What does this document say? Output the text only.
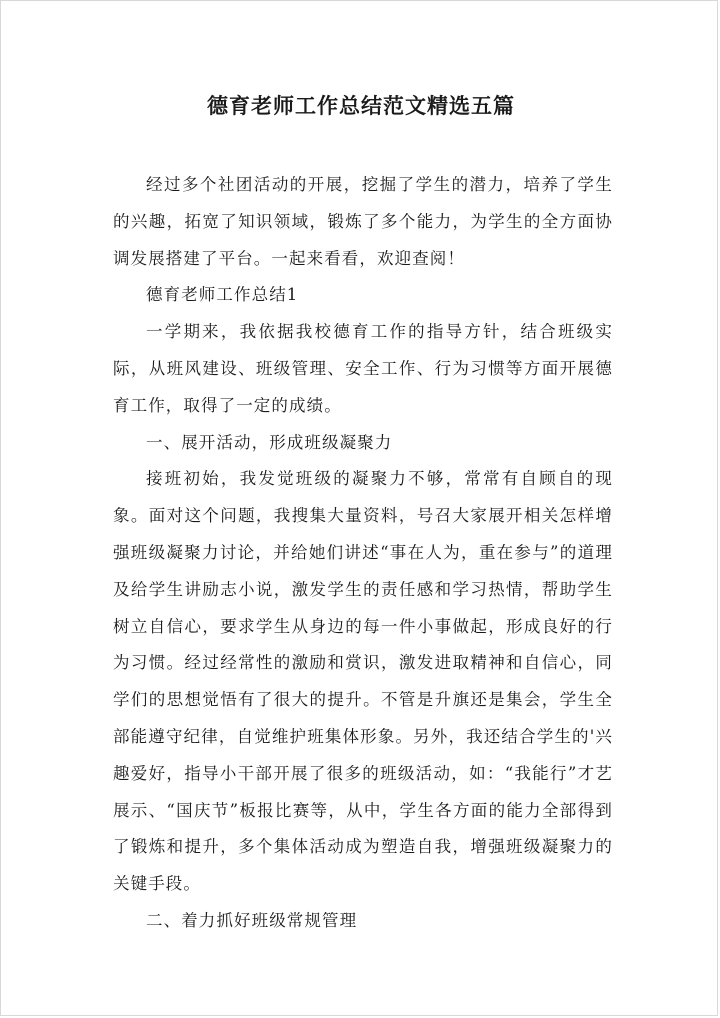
德育老师工作总结范文精选五篇

经过多个社团活动的开展，挖掘了学生的潜力，培养了学生的兴趣，拓宽了知识领域，锻炼了多个能力，为学生的全方面协调发展搭建了平台。一起来看看，欢迎查阅！

德育老师工作总结1

一学期来，我依据我校德育工作的指导方针，结合班级实际，从班风建设、班级管理、安全工作、行为习惯等方面开展德育工作，取得了一定的成绩。

一、展开活动，形成班级凝聚力

接班初始，我发觉班级的凝聚力不够，常常有自顾自的现象。面对这个问题，我搜集大量资料，号召大家展开相关怎样增强班级凝聚力讨论，并给她们讲述“事在人为，重在参与”的道理及给学生讲励志小说，激发学生的责任感和学习热情，帮助学生树立自信心，要求学生从身边的每一件小事做起，形成良好的行为习惯。经过经常性的激励和赏识，激发进取精神和自信心，同学们的思想觉悟有了很大的提升。不管是升旗还是集会，学生全部能遵守纪律，自觉维护班集体形象。另外，我还结合学生的'兴趣爱好，指导小干部开展了很多的班级活动，如：“我能行”才艺展示、“国庆节”板报比赛等，从中，学生各方面的能力全部得到了锻炼和提升，多个集体活动成为塑造自我，增强班级凝聚力的关键手段。

二、着力抓好班级常规管理
